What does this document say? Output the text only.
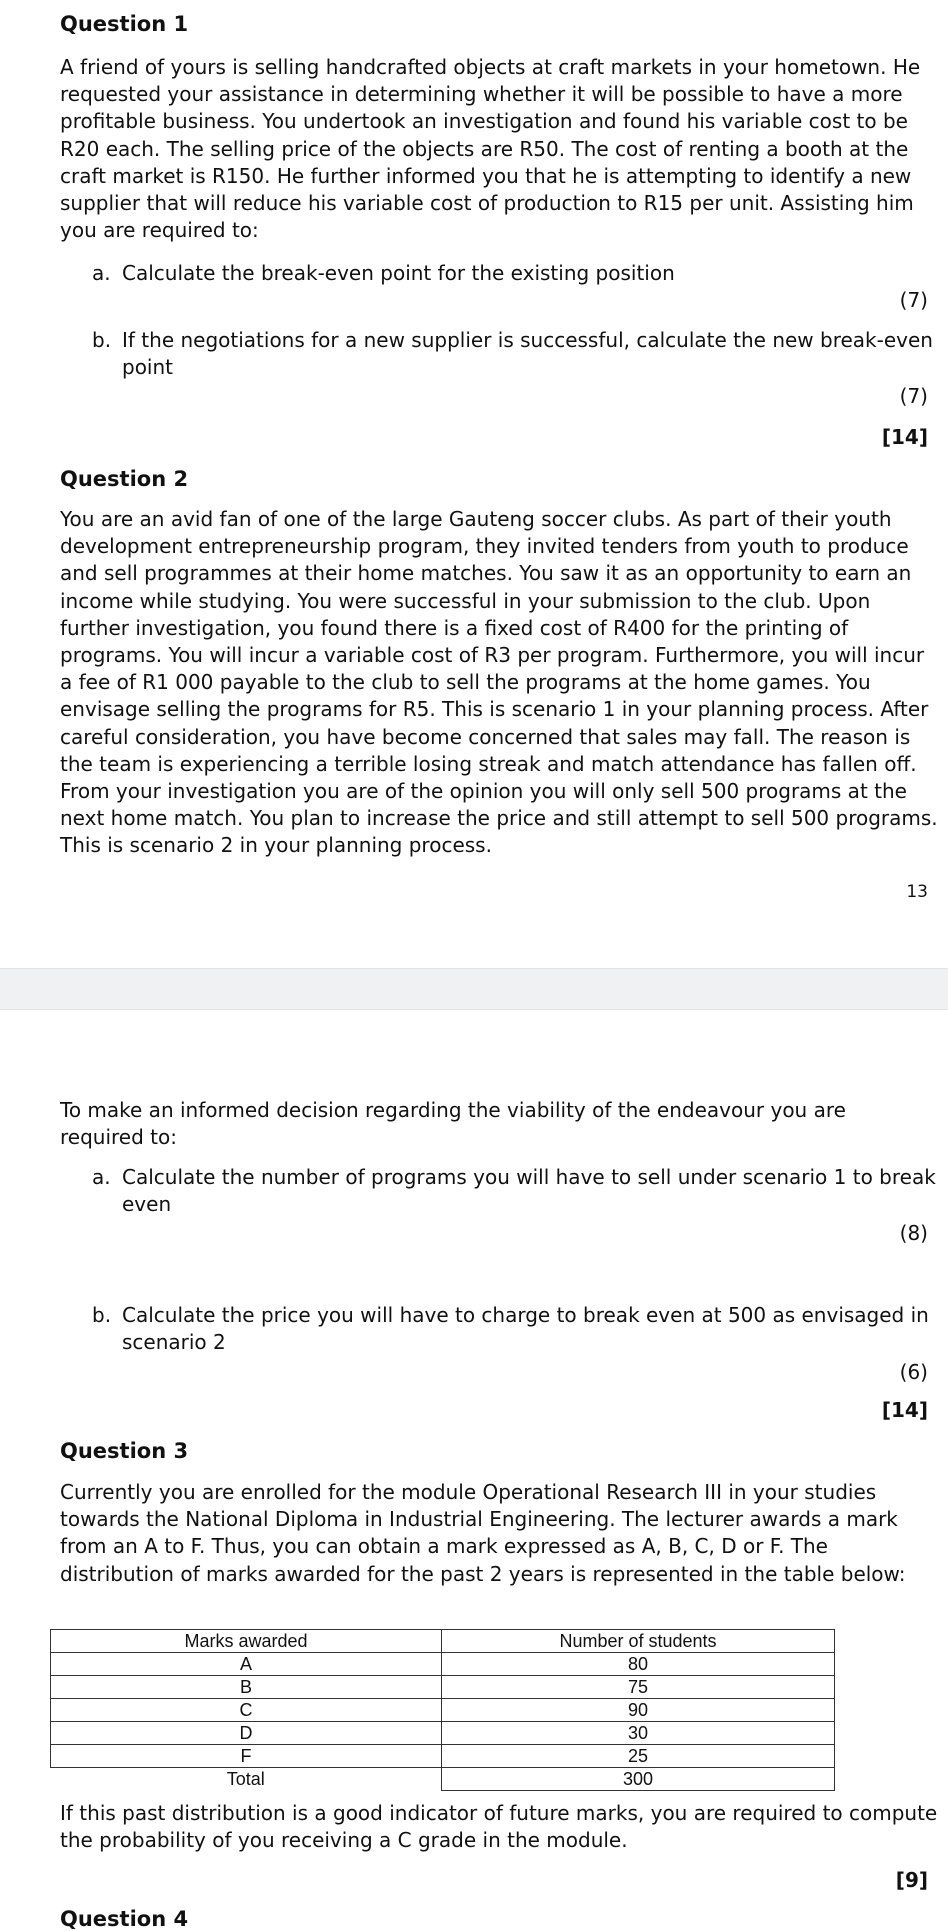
Question 1
A friend of yours is selling handcrafted objects at craft markets in your hometown. He requested your assistance in determining whether it will be possible to have a more profitable business. You undertook an investigation and found his variable cost to be R20 each. The selling price of the objects are R50. The cost of renting a booth at the craft market is R150. He further informed you that he is attempting to identify a new supplier that will reduce his variable cost of production to R15 per unit. Assisting him you are required to:
a. Calculate the break-even point for the existing position
(7)
b. If the negotiations for a new supplier is successful, calculate the new break-even point
(7)
[14]
Question 2
You are an avid fan of one of the large Gauteng soccer clubs. As part of their youth development entrepreneurship program, they invited tenders from youth to produce and sell programmes at their home matches. You saw it as an opportunity to earn an income while studying. You were successful in your submission to the club. Upon further investigation, you found there is a fixed cost of R400 for the printing of programs. You will incur a variable cost of R3 per program. Furthermore, you will incur a fee of R1 000 payable to the club to sell the programs at the home games. You envisage selling the programs for R5. This is scenario 1 in your planning process. After careful consideration, you have become concerned that sales may fall. The reason is the team is experiencing a terrible losing streak and match attendance has fallen off. From your investigation you are of the opinion you will only sell 500 programs at the next home match. You plan to increase the price and still attempt to sell 500 programs. This is scenario 2 in your planning process.
13
To make an informed decision regarding the viability of the endeavour you are required to:
a. Calculate the number of programs you will have to sell under scenario 1 to break even
(8)
b. Calculate the price you will have to charge to break even at 500 as envisaged in scenario 2
(6)
[14]
Question 3
Currently you are enrolled for the module Operational Research III in your studies towards the National Diploma in Industrial Engineering. The lecturer awards a mark from an A to F. Thus, you can obtain a mark expressed as A, B, C, D or F. The distribution of marks awarded for the past 2 years is represented in the table below:
Marks awarded	Number of students
A	80
B	75
C	90
D	30
F	25
Total	300
If this past distribution is a good indicator of future marks, you are required to compute the probability of you receiving a C grade in the module.
[9]
Question 4
